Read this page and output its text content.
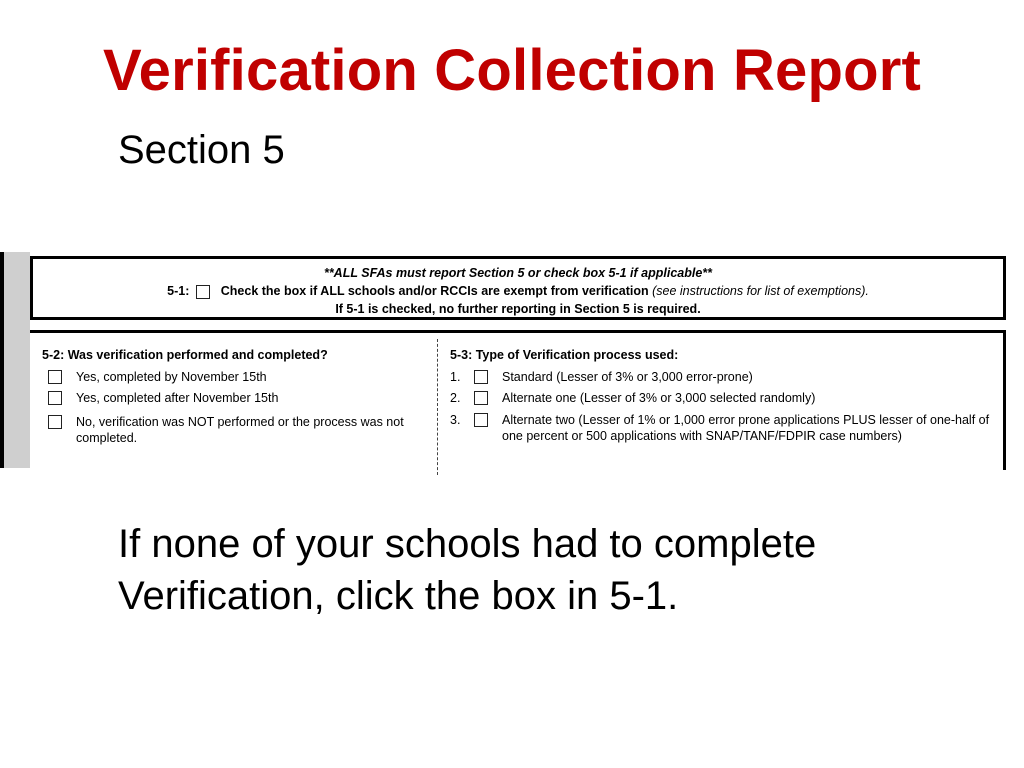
Verification Collection Report
Section 5
**ALL SFAs must report Section 5 or check box 5-1 if applicable**
5-1:	Check the box if ALL schools and/or RCCIs are exempt from verification (see instructions for list of exemptions).
If 5-1 is checked, no further reporting in Section 5 is required.
5-2: Was verification performed and completed?
Yes, completed by November 15th
Yes, completed after November 15th
No, verification was NOT performed or the process was not completed.
5-3: Type of Verification process used:
1.	Standard (Lesser of 3% or 3,000 error-prone)
2.	Alternate one (Lesser of 3% or 3,000 selected randomly)
3.	Alternate two (Lesser of 1% or 1,000 error prone applications PLUS lesser of one-half of one percent or 500 applications with SNAP/TANF/FDPIR case numbers)
If none of your schools had to complete Verification, click the box in 5-1.
